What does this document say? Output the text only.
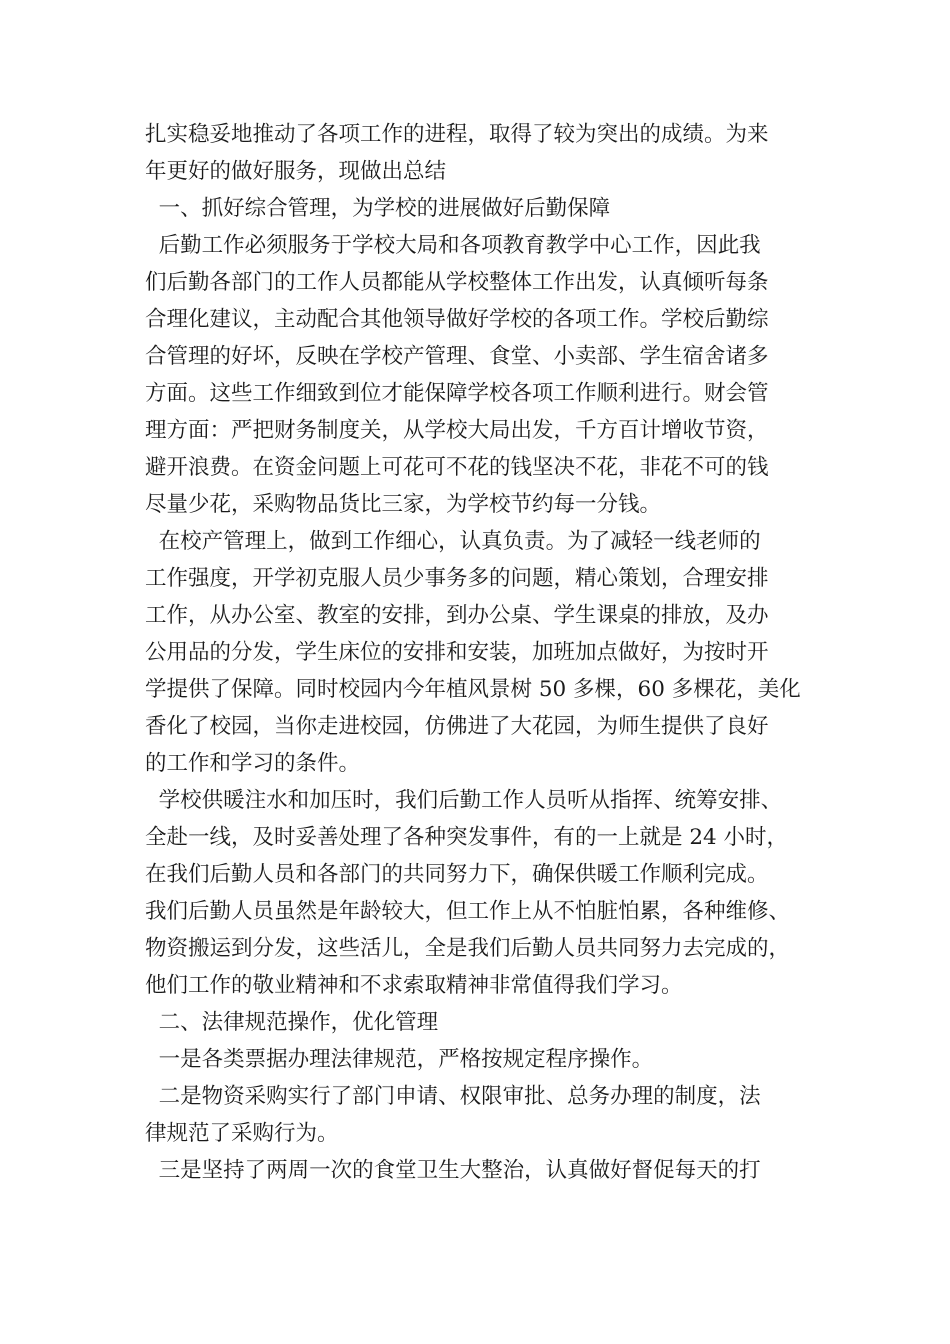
扎实稳妥地推动了各项工作的进程，取得了较为突出的成绩。为来
年更好的做好服务，现做出总结
一、抓好综合管理，为学校的进展做好后勤保障
后勤工作必须服务于学校大局和各项教育教学中心工作，因此我
们后勤各部门的工作人员都能从学校整体工作出发，认真倾听每条
合理化建议，主动配合其他领导做好学校的各项工作。学校后勤综
合管理的好坏，反映在学校产管理、食堂、小卖部、学生宿舍诸多
方面。这些工作细致到位才能保障学校各项工作顺利进行。财会管
理方面：严把财务制度关，从学校大局出发，千方百计增收节资，
避开浪费。在资金问题上可花可不花的钱坚决不花，非花不可的钱
尽量少花，采购物品货比三家，为学校节约每一分钱。
在校产管理上，做到工作细心，认真负责。为了减轻一线老师的
工作强度，开学初克服人员少事务多的问题，精心策划，合理安排
工作，从办公室、教室的安排，到办公桌、学生课桌的排放，及办
公用品的分发，学生床位的安排和安装，加班加点做好，为按时开
学提供了保障。同时校园内今年植风景树 50 多棵，60 多棵花，美化
香化了校园，当你走进校园，仿佛进了大花园，为师生提供了良好
的工作和学习的条件。
学校供暖注水和加压时，我们后勤工作人员听从指挥、统筹安排、
全赴一线，及时妥善处理了各种突发事件，有的一上就是 24 小时，
在我们后勤人员和各部门的共同努力下，确保供暖工作顺利完成。
我们后勤人员虽然是年龄较大，但工作上从不怕脏怕累，各种维修、
物资搬运到分发，这些活儿，全是我们后勤人员共同努力去完成的，
他们工作的敬业精神和不求索取精神非常值得我们学习。
二、法律规范操作，优化管理
一是各类票据办理法律规范，严格按规定程序操作。
二是物资采购实行了部门申请、权限审批、总务办理的制度，法
律规范了采购行为。
三是坚持了两周一次的食堂卫生大整治，认真做好督促每天的打
